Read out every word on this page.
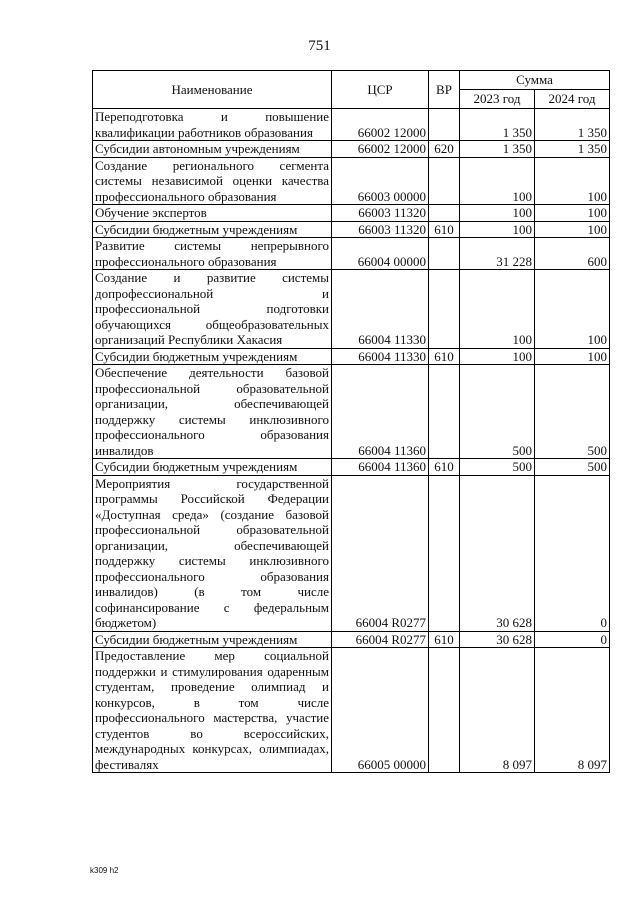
751
Наименование	ЦСР	ВР	Сумма	
			2023 год	2024 год
Переподготовка и повышение квалификации работников образования	66002 12000		1 350	1 350
Субсидии автономным учреждениям	66002 12000	620	1 350	1 350
Создание регионального сегмента системы независимой оценки качества профессионального образования	66003 00000		100	100
Обучение экспертов	66003 11320		100	100
Субсидии бюджетным учреждениям	66003 11320	610	100	100
Развитие системы непрерывного профессионального образования	66004 00000		31 228	600
Создание и развитие системы допрофессиональной и профессиональной подготовки обучающихся общеобразовательных организаций Республики Хакасия	66004 11330		100	100
Субсидии бюджетным учреждениям	66004 11330	610	100	100
Обеспечение деятельности базовой профессиональной образовательной организации, обеспечивающей поддержку системы инклюзивного профессионального образования инвалидов	66004 11360		500	500
Субсидии бюджетным учреждениям	66004 11360	610	500	500
Мероприятия государственной программы Российской Федерации «Доступная среда» (создание базовой профессиональной образовательной организации, обеспечивающей поддержку системы инклюзивного профессионального образования инвалидов) (в том числе софинансирование с федеральным бюджетом)	66004 R0277		30 628	0
Субсидии бюджетным учреждениям	66004 R0277	610	30 628	0
Предоставление мер социальной поддержки и стимулирования одаренным студентам, проведение олимпиад и конкурсов, в том числе профессионального мастерства, участие студентов во всероссийских, международных конкурсах, олимпиадах, фестивалях	66005 00000		8 097	8 097
k309 h2
